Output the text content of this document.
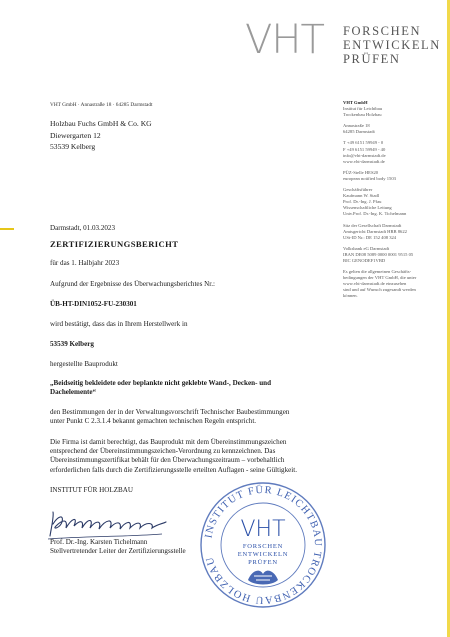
VHT FORSCHEN
ENTWICKELN
PRÜFEN
VHT GmbH · Annastraße 18 · 64285 Darmstadt
Holzbau Fuchs GmbH & Co. KG
Diewergarten 12
53539 Kelberg
VHT GmbH
Institut für Leichtbau
Trockenbau Holzbau
Annastraße 18
64285 Darmstadt
T +49 6151 59949 - 0
F +49 6151 59949 - 40
info@vht-darmstadt.de
www.vht-darmstadt.de
PÜZ-Stelle HES20
european notified body 1503
Geschäftsführer
Kaufmann W. Stadl
Prof. Dr.-Ing. J. Pfau
Wissenschaftliche Leitung
Univ.Prof. Dr.-Ing. K. Tichelmann
Sitz der Gesellschaft Darmstadt
Amtsgericht Darmstadt HRB 8622
USt-ID Nr.: DE 152 408 324
Volksbank eG Darmstadt
IBAN DE08 5089 0000 0001 9515 05
BIC GENODEF1VBD
Es gelten die allgemeinen Geschäfts-
bedingungen der VHT GmbH, die unter
www.vht-darmstadt.de einzusehen
sind und auf Wunsch zugesandt werden
können.
Darmstadt, 01.03.2023
ZERTIFIZIERUNGSBERICHT
für das 1. Halbjahr 2023
Aufgrund der Ergebnisse des Überwachungsberichtes Nr.:
ÜB-HT-DIN1052-FU-230301
wird bestätigt, dass das in Ihrem Herstellwerk in
53539 Kelberg
hergestellte Bauprodukt
„Beidseitig bekleidete oder beplankte nicht geklebte Wand-, Decken- und
Dachelemente“
den Bestimmungen der in der Verwaltungsvorschrift Technischer Baubestimmungen
unter Punkt C 2.3.1.4 bekannt gemachten technischen Regeln entspricht.
Die Firma ist damit berechtigt, das Bauprodukt mit dem Übereinstimmungszeichen
entsprechend der Übereinstimmungszeichen-Verordnung zu kennzeichnen. Das
Übereinstimmungszertifikat behält für den Überwachungszeitraum – vorbehaltlich
erforderlichen falls durch die Zertifizierungsstelle erteilten Auflagen - seine Gültigkeit.
INSTITUT FÜR HOLZBAU
Prof. Dr.-Ing. Karsten Tichelmann
Stellvertretender Leiter der Zertifizierungsstelle
INSTITUT FÜR LEICHTBAU TROCKENBAU HOLZBAU
VHT
FORSCHEN
ENTWICKELN
PRÜFEN
